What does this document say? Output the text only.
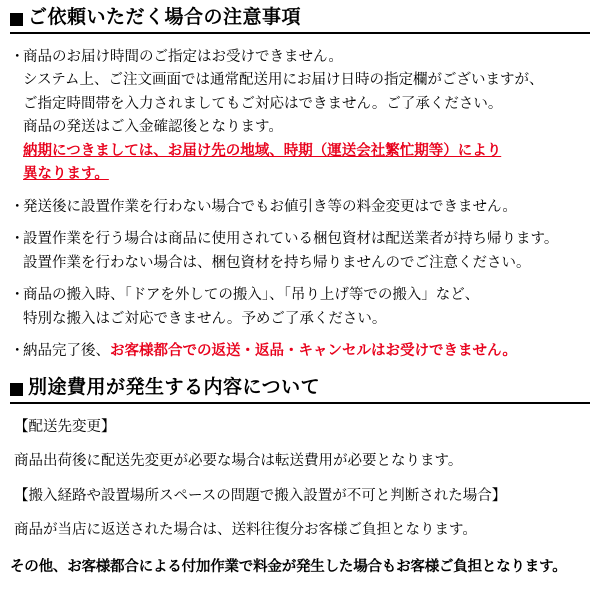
ご依頼いただく場合の注意事項
・商品のお届け時間のご指定はお受けできません。
システム上、ご注文画面では通常配送用にお届け日時の指定欄がございますが、
ご指定時間帯を入力されましてもご対応はできません。ご了承ください。
商品の発送はご入金確認後となります。
納期につきましては、お届け先の地域、時期（運送会社繁忙期等）により
異なります。
・発送後に設置作業を行わない場合でもお値引き等の料金変更はできません。
・設置作業を行う場合は商品に使用されている梱包資材は配送業者が持ち帰ります。
設置作業を行わない場合は、梱包資材を持ち帰りませんのでご注意ください。
・商品の搬入時、「ドアを外しての搬入」、「吊り上げ等での搬入」など、
特別な搬入はご対応できません。予めご了承ください。
・納品完了後、お客様都合での返送・返品・キャンセルはお受けできません。
別途費用が発生する内容について
【配送先変更】
商品出荷後に配送先変更が必要な場合は転送費用が必要となります。
【搬入経路や設置場所スペースの問題で搬入設置が不可と判断された場合】
商品が当店に返送された場合は、送料往復分お客様ご負担となります。
その他、お客様都合による付加作業で料金が発生した場合もお客様ご負担となります。
